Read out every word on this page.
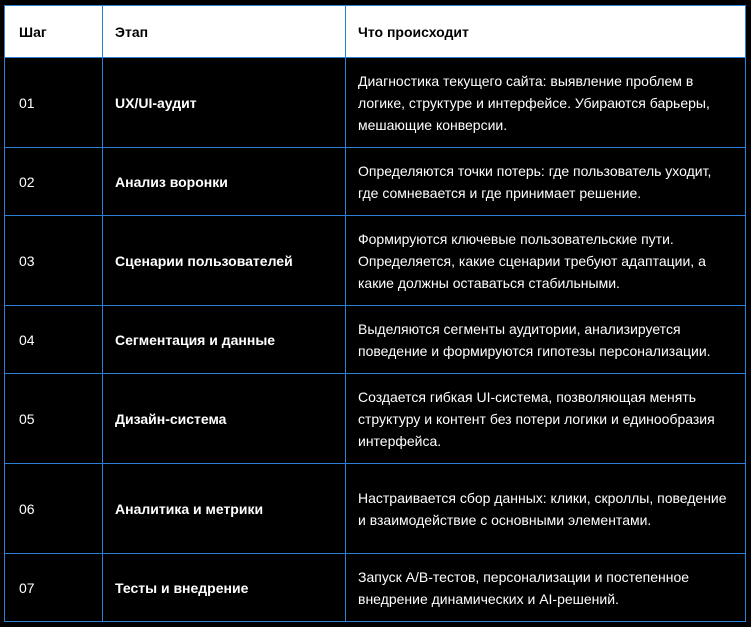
Шаг	Этап	Что происходит
01	UX/UI-аудит	Диагностика текущего сайта: выявление проблем в логике, структуре и интерфейсе. Убираются барьеры, мешающие конверсии.
02	Анализ воронки	Определяются точки потерь: где пользователь уходит, где сомневается и где принимает решение.
03	Сценарии пользователей	Формируются ключевые пользовательские пути. Определяется, какие сценарии требуют адаптации, а какие должны оставаться стабильными.
04	Сегментация и данные	Выделяются сегменты аудитории, анализируется поведение и формируются гипотезы персонализации.
05	Дизайн-система	Создается гибкая UI-система, позволяющая менять структуру и контент без потери логики и единообразия интерфейса.
06	Аналитика и метрики	Настраивается сбор данных: клики, скроллы, поведение и взаимодействие с основными элементами.
07	Тесты и внедрение	Запуск A/B-тестов, персонализации и постепенное внедрение динамических и AI-решений.
